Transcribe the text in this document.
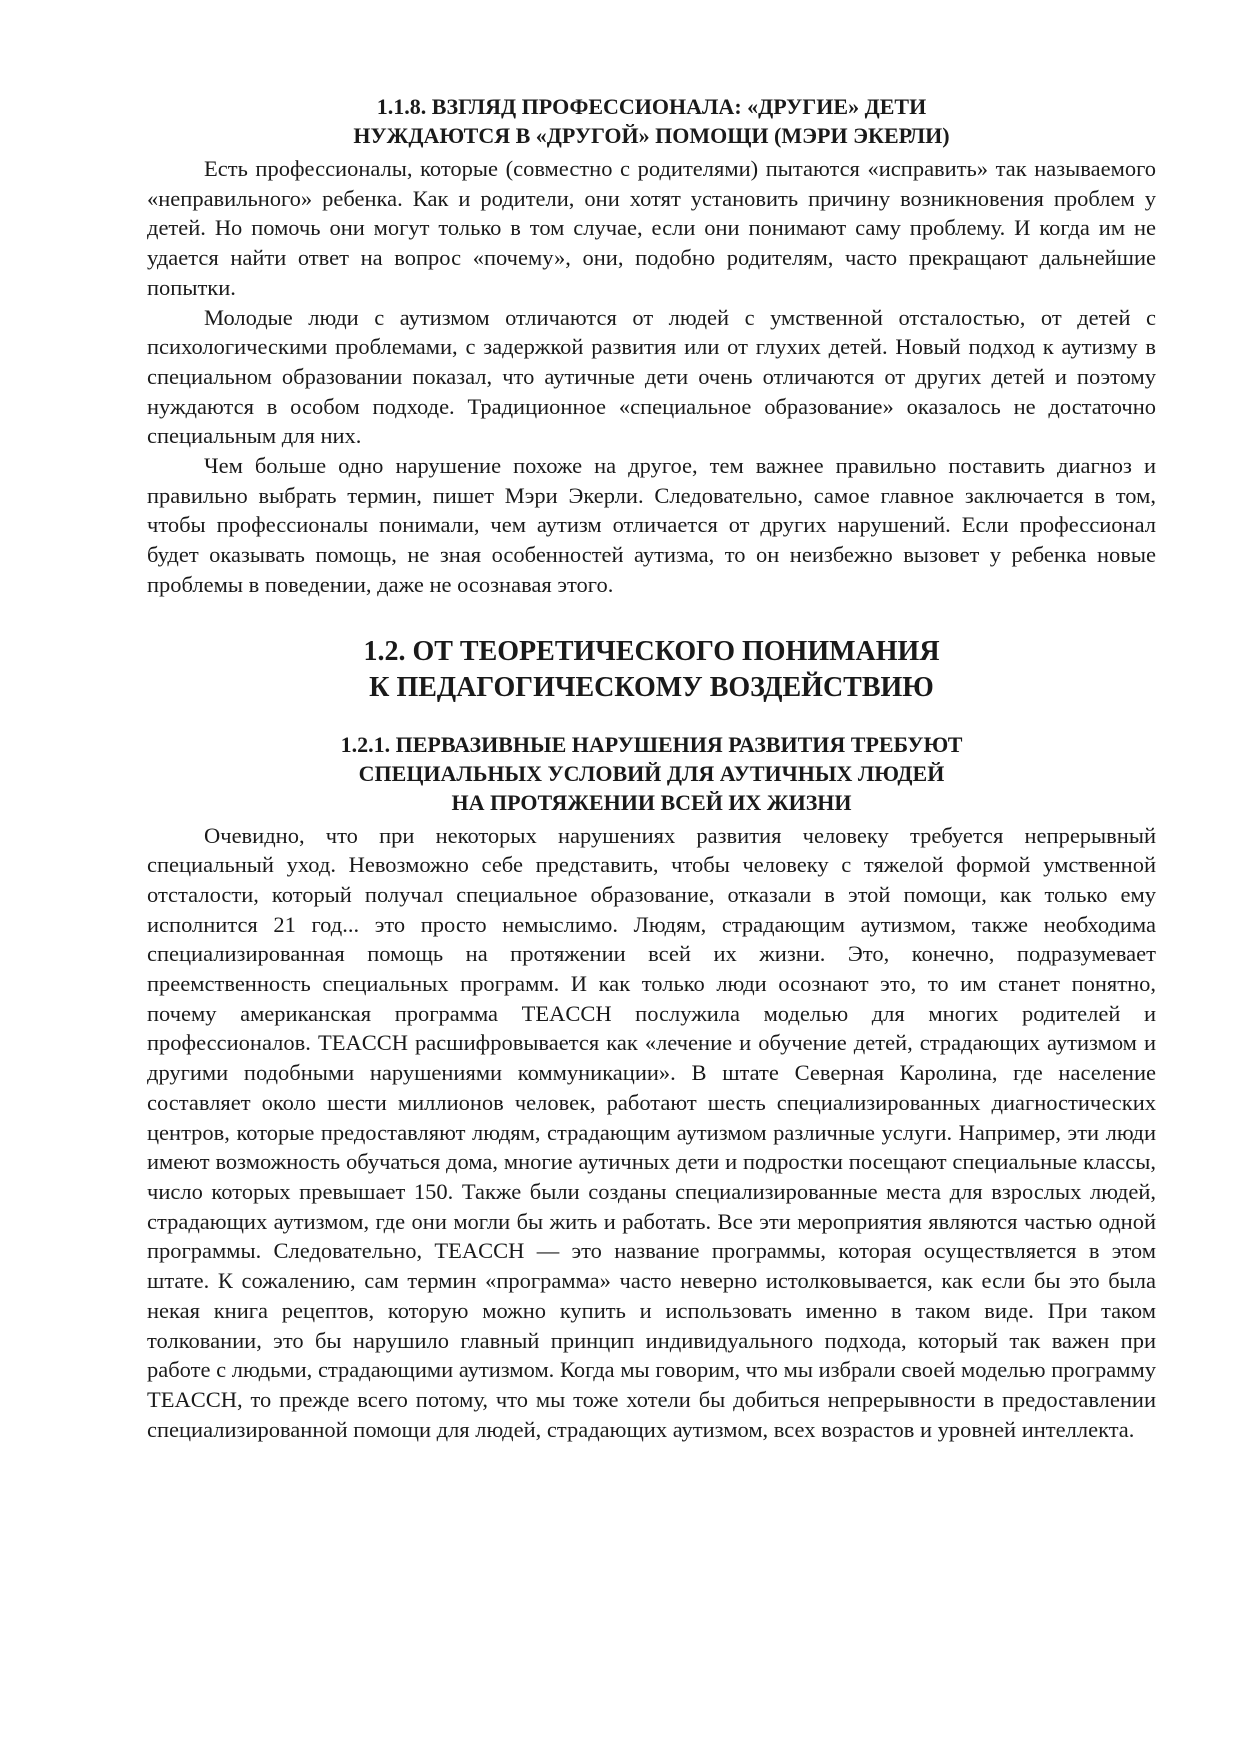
1.1.8. ВЗГЛЯД ПРОФЕССИОНАЛА: «ДРУГИЕ» ДЕТИ
НУЖДАЮТСЯ В «ДРУГОЙ» ПОМОЩИ (МЭРИ ЭКЕРЛИ)

Есть профессионалы, которые (совместно с родителями) пытаются «исправить» так называемого «неправильного» ребенка. Как и родители, они хотят установить причину возникновения проблем у детей. Но помочь они могут только в том случае, если они понимают саму проблему. И когда им не удается найти ответ на вопрос «почему», они, подобно родителям, часто прекращают дальнейшие попытки.

Молодые люди с аутизмом отличаются от людей с умственной отсталостью, от детей с психологическими проблемами, с задержкой развития или от глухих детей. Новый подход к аутизму в специальном образовании показал, что аутичные дети очень отличаются от других детей и поэтому нуждаются в особом подходе. Традиционное «специальное образование» оказалось не достаточно специальным для них.

Чем больше одно нарушение похоже на другое, тем важнее правильно поставить диагноз и правильно выбрать термин, пишет Мэри Экерли. Следовательно, самое главное заключается в том, чтобы профессионалы понимали, чем аутизм отличается от других нарушений. Если профессионал будет оказывать помощь, не зная особенностей аутизма, то он неизбежно вызовет у ребенка новые проблемы в поведении, даже не осознавая этого.

1.2. ОТ ТЕОРЕТИЧЕСКОГО ПОНИМАНИЯ
К ПЕДАГОГИЧЕСКОМУ ВОЗДЕЙСТВИЮ
1.2.1. ПЕРВАЗИВНЫЕ НАРУШЕНИЯ РАЗВИТИЯ ТРЕБУЮТ
СПЕЦИАЛЬНЫХ УСЛОВИЙ ДЛЯ АУТИЧНЫХ ЛЮДЕЙ
НА ПРОТЯЖЕНИИ ВСЕЙ ИХ ЖИЗНИ

Очевидно, что при некоторых нарушениях развития человеку требуется непрерывный специальный уход. Невозможно себе представить, чтобы человеку с тяжелой формой умственной отсталости, который получал специальное образование, отказали в этой помощи, как только ему исполнится 21 год... это просто немыслимо. Людям, страдающим аутизмом, также необходима специализированная помощь на протяжении всей их жизни. Это, конечно, подразумевает преемственность специальных программ. И как только люди осознают это, то им станет понятно, почему американская программа TEACCH послужила моделью для многих родителей и профессионалов. TEACCH расшифровывается как «лечение и обучение детей, страдающих аутизмом и другими подобными нарушениями коммуникации». В штате Северная Каролина, где население составляет около шести миллионов человек, работают шесть специализированных диагностических центров, которые предоставляют людям, страдающим аутизмом различные услуги. Например, эти люди имеют возможность обучаться дома, многие аутичных дети и подростки посещают специальные классы, число которых превышает 150. Также были созданы специализированные места для взрослых людей, страдающих аутизмом, где они могли бы жить и работать. Все эти мероприятия являются частью одной программы. Следовательно, TEACCH — это название программы, которая осуществляется в этом штате. К сожалению, сам термин «программа» часто неверно истолковывается, как если бы это была некая книга рецептов, которую можно купить и использовать именно в таком виде. При таком толковании, это бы нарушило главный принцип индивидуального подхода, который так важен при работе с людьми, страдающими аутизмом. Когда мы говорим, что мы избрали своей моделью программу TEACCH, то прежде всего потому, что мы тоже хотели бы добиться непрерывности в предоставлении специализированной помощи для людей, страдающих аутизмом, всех возрастов и уровней интеллекта.
